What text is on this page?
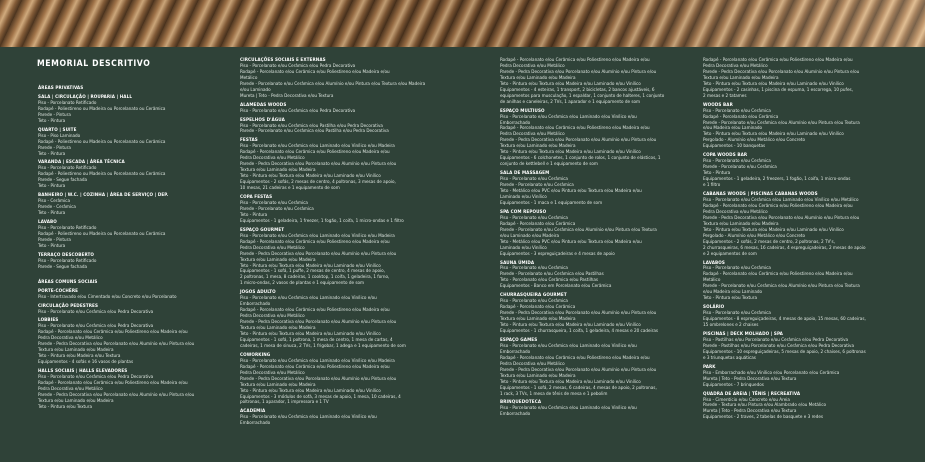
MEMORIAL DESCRITIVO
ÁREAS PRIVATIVAS
SALA | CIRCULAÇÃO | ROUPARIA | HALL
Piso - Porcelanato Retificado
Rodapé - Poliestireno ou Madeira ou Porcelanato ou Cerâmica
Parede - Pintura
Teto - Pintura
QUARTO | SUITE
Piso - Piso Laminado
Rodapé - Poliestireno ou Madeira ou Porcelanato ou Cerâmica
Parede - Pintura
Teto - Pintura
VARANDA | ESCADA | ÁREA TÉCNICA
Piso - Porcelanato Retificado
Rodapé - Poliestireno ou Madeira ou Porcelanato ou Cerâmica
Parede - Segue fachada
Teto - Pintura
BANHEIRO | W.C. | COZINHA | ÁREA DE SERVIÇO | DEP.
Piso - Cerâmica
Parede - Cerâmica
Teto - Pintura
LAVABO
Piso - Porcelanato Retificado
Rodapé - Poliestireno ou Madeira ou Porcelanato ou Cerâmica
Parede - Pintura
Teto - Pintura
TERRAÇO DESCOBERTO
Piso - Porcelanato Retificado
Parede - Segue fachada
ÁREAS COMUNS SOCIAIS
PORTE-COCHÈRE
Piso - Intertravado e/ou Cimentado e/ou Concreto e/ou Porcelanato
CIRCULAÇÃO PEDESTRES
Piso - Porcelanato e/ou Cerâmica e/ou Pedra Decorativa
LOBBIES
Piso - Porcelanato e/ou Cerâmica e/ou Pedra Decorativa
Rodapé - Porcelanato e/ou Cerâmica e/ou Poliestireno e/ou Madeira e/ou
Pedra Decorativa e/ou Metálico
Parede - Pedra Decorativa e/ou Porcelanato e/ou Alumínio e/ou Pintura e/ou
Textura e/ou Laminado e/ou Madeira
Teto - Pintura e/ou Madeira e/ou Textura
Equipamentos - 4 sofás e 16 vasos de plantas
HALLS SOCIAIS | HALLS ELEVADORES
Piso - Porcelanato e/ou Cerâmica e/ou Pedra Decorativa
Rodapé - Porcelanato e/ou Cerâmica e/ou Poliestireno e/ou Madeira e/ou
Pedra Decorativa e/ou Metálico
Parede - Pedra Decorativa e/ou Porcelanato e/ou Alumínio e/ou Pintura e/ou
Textura e/ou Laminado e/ou Madeira
Teto - Pintura e/ou Textura
CIRCULAÇÕES SOCIAIS E EXTERNAS
Piso - Porcelanato e/ou Cerâmica e/ou Pedra Decorativa
Rodapé - Porcelanato e/ou Cerâmica e/ou Poliestireno e/ou Madeira e/ou
Metálico
Parede - Porcelanato e/ou Cerâmica e/ou Alumínio e/ou Pintura e/ou Textura e/ou Madeira
e/ou Laminado
Mureta | Teto - Pedra Decorativa e/ou Textura
ALAMEDAS WOODS
Piso - Porcelanato e/ou Cerâmica e/ou Pedra Decorativa
ESPELHOS D'ÁGUA
Piso - Porcelanato e/ou Cerâmica e/ou Pastilha e/ou Pedra Decorativa
Parede - Porcelanato e/ou Cerâmica e/ou Pastilha e/ou Pedra Decorativa
FESTAS
Piso - Porcelanato e/ou Cerâmica e/ou Laminado e/ou Vinílico e/ou Madeira
Rodapé - Porcelanato e/ou Cerâmica e/ou Poliestireno e/ou Madeira e/ou
Pedra Decorativa e/ou Metálico
Parede - Pedra Decorativa e/ou Porcelanato e/ou Alumínio e/ou Pintura e/ou
Textura e/ou Laminado e/ou Madeira
Teto - Pintura e/ou Textura e/ou Madeira e/ou Laminado e/ou Vinílico
Equipamentos - 2 sofás, 2 mesas de centro, 4 poltronas, 3 mesas de apoio,
10 mesas, 21 cadeiras e 1 equipamento de som
COPA FESTAS
Piso - Porcelanato e/ou Cerâmica
Parede - Porcelanato e/ou Cerâmica
Teto - Pintura
Equipamentos - 1 geladeira, 1 freezer, 1 fogão, 1 coifa, 1 micro-ondas e 1 filtro
ESPAÇO GOURMET
Piso - Porcelanato e/ou Cerâmica e/ou Laminado e/ou Vinílico e/ou Madeira
Rodapé - Porcelanato e/ou Cerâmica e/ou Poliestireno e/ou Madeira e/ou
Pedra Decorativa e/ou Metálico
Parede - Pedra Decorativa e/ou Porcelanato e/ou Alumínio e/ou Pintura e/ou
Textura e/ou Laminado e/ou Madeira
Teto - Pintura e/ou Textura e/ou Madeira e/ou Laminado e/ou Vinílico
Equipamentos - 1 sofá, 1 puffe, 2 mesas de centro, 4 mesas de apoio,
2 poltronas, 1 mesa, 8 cadeiras, 1 cooktop, 1 coifa, 1 geladeira, 1 forno,
1 micro-ondas, 2 vasos de plantas e 1 equipamento de som
JOGOS ADULTO
Piso - Porcelanato e/ou Cerâmica e/ou Laminado e/ou Vinílico e/ou
Emborrachado
Rodapé - Porcelanato e/ou Cerâmica e/ou Poliestireno e/ou Madeira e/ou
Pedra Decorativa e/ou Metálico
Parede - Pedra Decorativa e/ou Porcelanato e/ou Alumínio e/ou Pintura e/ou
Textura e/ou Laminado e/ou Madeira
Teto - Pintura e/ou Textura e/ou Madeira e/ou Laminado e/ou Vinílico
Equipamentos - 1 sofá, 1 poltrona, 1 mesa de centro, 1 mesa de cartas, 4
cadeiras, 1 mesa de sinuca, 2 TVs, 1 frigobar, 1 adega e 1 equipamento de som
COWORKING
Piso - Porcelanato e/ou Cerâmica e/ou Laminado e/ou Vinílico e/ou Madeira
Rodapé - Porcelanato e/ou Cerâmica e/ou Poliestireno e/ou Madeira e/ou
Pedra Decorativa e/ou Metálico
Parede - Pedra Decorativa e/ou Porcelanato e/ou Alumínio e/ou Pintura e/ou
Textura e/ou Laminado e/ou Madeira
Teto - Pintura e/ou Textura e/ou Madeira e/ou Laminado e/ou Vinílico
Equipamentos - 3 módulos de sofá, 3 mesas de apoio, 1 mesa, 10 cadeiras, 4
poltronas, 1 aparador, 1 impressora e 1 TV
ACADEMIA
Piso - Porcelanato e/ou Cerâmica e/ou Laminado e/ou Vinílico e/ou
Emborrachado
Rodapé - Porcelanato e/ou Cerâmica e/ou Poliestireno e/ou Madeira e/ou
Pedra Decorativa e/ou Metálico
Parede - Pedra Decorativa e/ou Porcelanato e/ou Alumínio e/ou Pintura e/ou
Textura e/ou Laminado e/ou Madeira
Teto - Pintura e/ou Textura e/ou Madeira e/ou Laminado e/ou Vinílico
Equipamentos - 4 esteiras, 1 transport, 2 bicicletas, 2 bancos ajustáveis, 6
equipamentos para musculação, 1 espaldar, 1 conjunto de halteres, 1 conjunto
de anilhas e caneleiras, 2 TVs, 1 aparador e 1 equipamento de som
ESPAÇO MULTIUSO
Piso - Porcelanato e/ou Cerâmica e/ou Laminado e/ou Vinílico e/ou
Emborrachado
Rodapé - Porcelanato e/ou Cerâmica e/ou Poliestireno e/ou Madeira e/ou
Pedra Decorativa e/ou Metálico
Parede - Pedra Decorativa e/ou Porcelanato e/ou Alumínio e/ou Pintura e/ou
Textura e/ou Laminado e/ou Madeira
Teto - Pintura e/ou Textura e/ou Madeira e/ou Laminado e/ou Vinílico
Equipamentos - 6 colchonetes, 1 conjunto de rolos, 1 conjunto de elásticos, 1
conjunto de kettlebell e 1 equipamento de som
SALA DE MASSAGEM
Piso - Porcelanato e/ou Cerâmica
Parede - Porcelanato e/ou Cerâmica
Teto - Metálico e/ou PVC e/ou Pintura e/ou Textura e/ou Madeira e/ou
Laminado e/ou Vinílico
Equipamentos - 1 maca e 1 equipamento de som
SPA COM REPOUSO
Piso - Porcelanato e/ou Cerâmica
Rodapé - Porcelanato e/ou Cerâmica
Parede - Porcelanato e/ou Cerâmica e/ou Alumínio e/ou Pintura e/ou Textura
e/ou Laminado e/ou Madeira
Teto - Metálico e/ou PVC e/ou Pintura e/ou Textura e/ou Madeira e/ou
Laminado e/ou Vinílico
Equipamentos - 3 espreguiçadeiras e 4 mesas de apoio
SAUNA ÚMIDA
Piso - Porcelanato e/ou Cerâmica
Parede - Porcelanato e/ou Cerâmica e/ou Pastilhas
Teto - Porcelanato e/ou Cerâmica e/ou Pastilhas
Equipamentos - Banco em Porcelanato e/ou Cerâmica
CHURRASQUEIRA GOURMET
Piso - Porcelanato e/ou Cerâmica
Rodapé - Porcelanato e/ou Cerâmica
Parede - Pedra Decorativa e/ou Porcelanato e/ou Alumínio e/ou Pintura e/ou
Textura e/ou Laminado e/ou Madeira
Teto - Pintura e/ou Textura e/ou Madeira e/ou Laminado e/ou Vinílico
Equipamentos - 1 churrasqueira, 1 coifa, 1 geladeira, 4 mesas e 20 cadeiras
ESPAÇO GAMES
Piso - Porcelanato e/ou Cerâmica e/ou Laminado e/ou Vinílico e/ou
Emborrachado
Rodapé - Porcelanato e/ou Cerâmica e/ou Poliestireno e/ou Madeira e/ou
Pedra Decorativa e/ou Metálico
Parede - Pedra Decorativa e/ou Porcelanato e/ou Alumínio e/ou Pintura e/ou
Textura e/ou Laminado e/ou Madeira
Teto - Pintura e/ou Textura e/ou Madeira e/ou Laminado e/ou Vinílico
Equipamentos - 1 sofá, 2 mesas, 6 cadeiras, 4 mesas de apoio, 2 poltronas,
1 rack, 3 TVs, 1 mesa de tênis de mesa e 1 pebolim
BRINQUEDOTECA
Piso - Porcelanato e/ou Cerâmica e/ou Laminado e/ou Vinílico e/ou
Emborrachado
Rodapé - Porcelanato e/ou Cerâmica e/ou Poliestireno e/ou Madeira e/ou
Pedra Decorativa e/ou Metálico
Parede - Pedra Decorativa e/ou Porcelanato e/ou Alumínio e/ou Pintura e/ou
Textura e/ou Laminado e/ou Madeira
Teto - Pintura e/ou Textura e/ou Madeira e/ou Laminado e/ou Vinílico
Equipamentos - 2 casinhas, 1 piscina de espuma, 1 escorrega, 10 pufes,
2 mesas e 2 tatames
WOODS BAR
Piso - Porcelanato e/ou Cerâmica
Rodapé - Porcelanato e/ou Cerâmica
Parede - Porcelanato e/ou Cerâmica e/ou Alumínio e/ou Pintura e/ou Textura
e/ou Madeira e/ou Laminado
Teto - Pintura e/ou Textura e/ou Madeira e/ou Laminado e/ou Vinílico
Pergolado - Alumínio e/ou Metálico e/ou Concreto
Equipamentos - 10 banquetas
COPA WOODS BAR
Piso - Porcelanato e/ou Cerâmica
Parede - Porcelanato e/ou Cerâmica
Teto - Pintura
Equipamentos - 1 geladeira, 2 freezers, 1 fogão, 1 coifa, 1 micro-ondas
e 1 filtro
CABANAS WOODS | PISCINAS CABANAS WOODS
Piso - Porcelanato e/ou Cerâmica e/ou Laminado e/ou Vinílico e/ou Metálico
Rodapé - Porcelanato e/ou Cerâmica e/ou Poliestireno e/ou Madeira e/ou
Pedra Decorativa e/ou Metálico
Parede - Pedra Decorativa e/ou Porcelanato e/ou Alumínio e/ou Pintura e/ou
Textura e/ou Laminado e/ou Madeira
Teto - Pintura e/ou Textura e/ou Madeira e/ou Laminado e/ou Vinílico
Pergolado - Alumínio e/ou Metálico e/ou Concreto
Equipamentos - 2 sofás, 2 mesas de centro, 2 poltronas, 2 TV's,
2 churrasqueiras, 6 mesas, 16 cadeiras, 4 espreguiçadeiras, 2 mesas de apoio
e 2 equipamentos de som
LAVABOS
Piso - Porcelanato e/ou Cerâmica
Rodapé - Porcelanato e/ou Cerâmica e/ou Poliestireno e/ou Madeira e/ou
Metálico
Parede - Porcelanato e/ou Cerâmica e/ou Alumínio e/ou Pintura e/ou Textura
e/ou Madeira e/ou Laminado
Teto - Pintura e/ou Textura
SOLÁRIO
Piso - Porcelanato e/ou Cerâmica
Equipamentos - 8 espreguiçadeiras, 4 mesas de apoio, 15 mesas, 60 cadeiras,
15 ombrelones e 2 chaises
PISCINAS | DECK MOLHADO | SPA
Piso - Pastilhas e/ou Porcelanato e/ou Cerâmica e/ou Pedra Decorativa
Parede - Pastilhas e/ou Porcelanato e/ou Cerâmica e/ou Pedra Decorativa
Equipamentos - 10 espreguiçadeiras, 5 mesas de apoio, 2 chaises, 6 poltronas
e 3 triunquetas aquáticas
PARK
Piso - Emborrachado e/ou Vinílico e/ou Porcelanato e/ou Cerâmica
Mureta | Teto - Pedra Decorativa e/ou Textura
Equipamentos - 7 brinquedos
QUADRA DE AREIA | TÊNIS | RECREATIVA
Piso - Cimentício e/ou Concreto e/ou Areia
Parede - Textura e/ou Pintura e/ou Alambrado e/ou Metálico
Mureta | Teto - Pedra Decorativa e/ou Textura
Equipamentos - 2 traves, 2 tabelas de basquete e 3 redes
